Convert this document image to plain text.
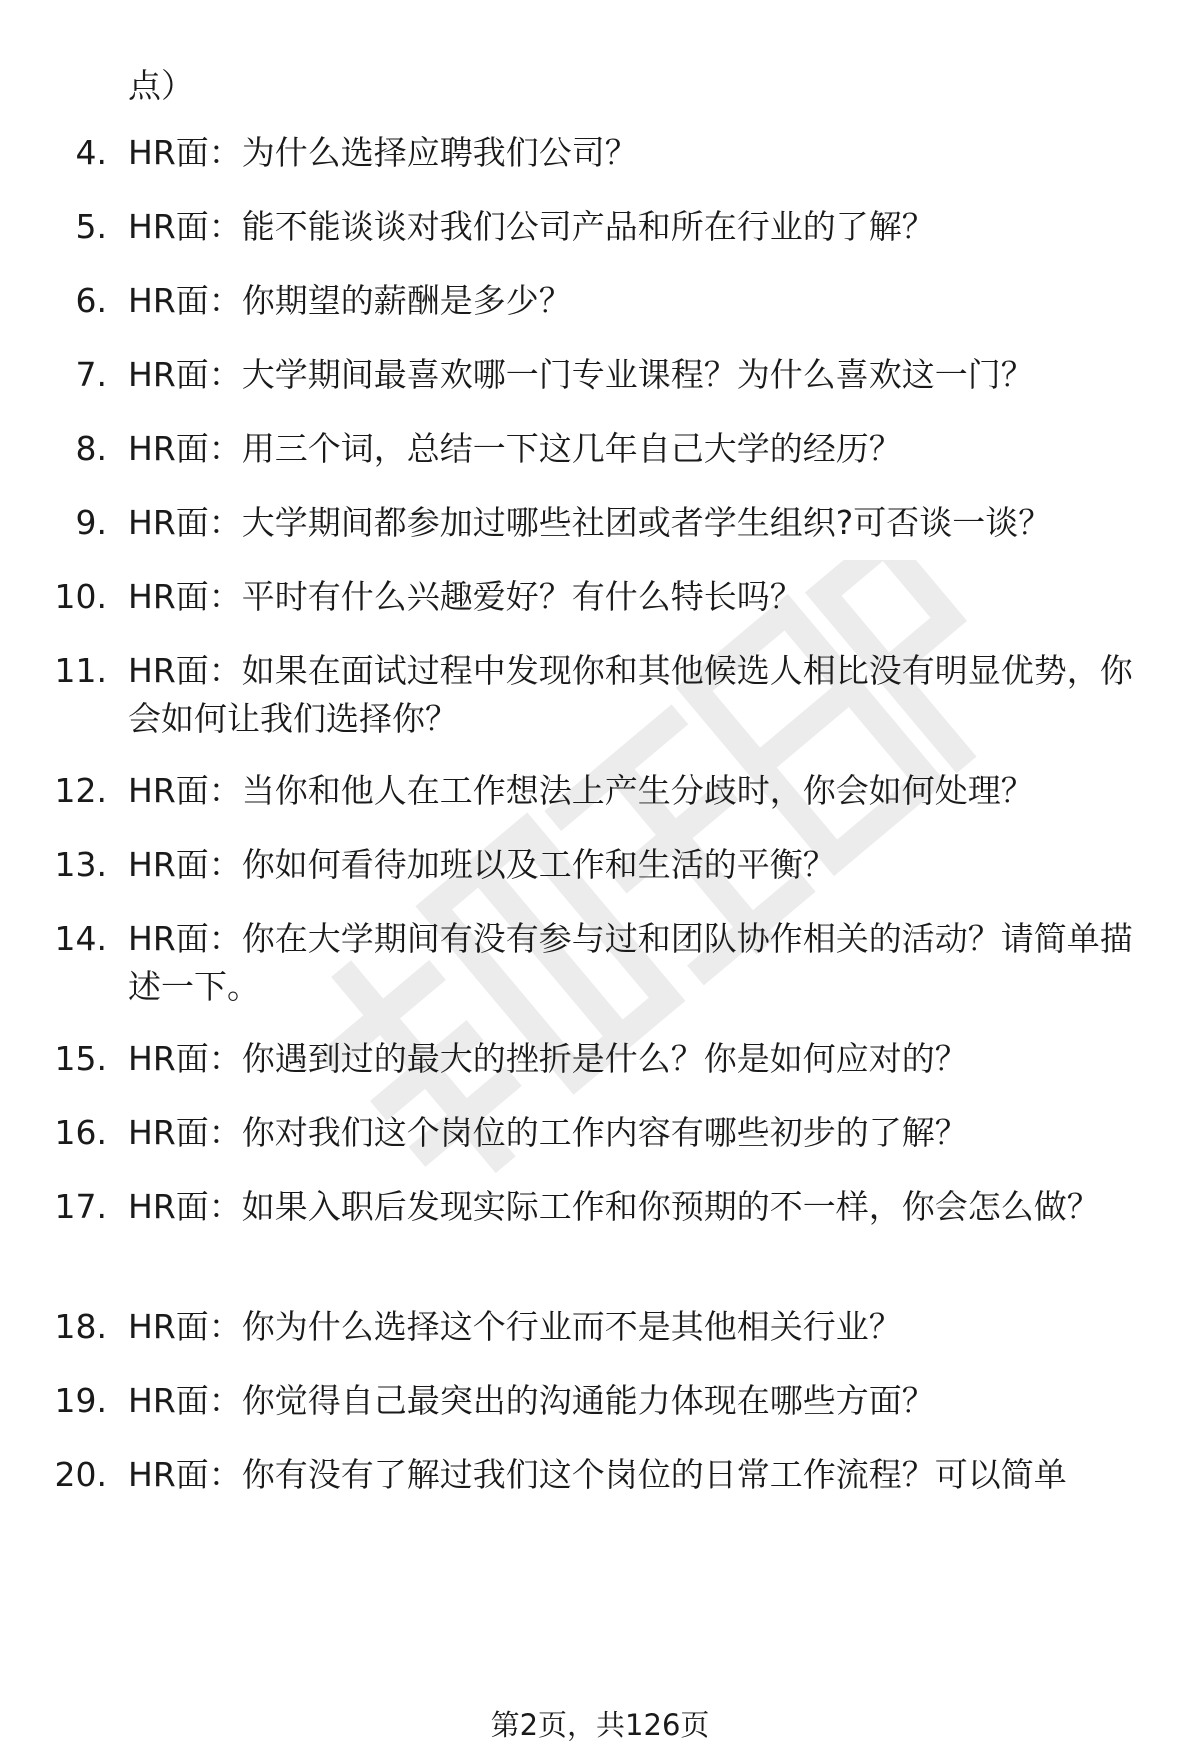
点）
4. HR面：为什么选择应聘我们公司？
5. HR面：能不能谈谈对我们公司产品和所在行业的了解？
6. HR面：你期望的薪酬是多少？
7. HR面：大学期间最喜欢哪一门专业课程？为什么喜欢这一门？
8. HR面：用三个词，总结一下这几年自己大学的经历？
9. HR面：大学期间都参加过哪些社团或者学生组织?可否谈一谈？
10. HR面：平时有什么兴趣爱好？有什么特长吗？
11. HR面：如果在面试过程中发现你和其他候选人相比没有明显优势，你会如何让我们选择你？
12. HR面：当你和他人在工作想法上产生分歧时，你会如何处理？
13. HR面：你如何看待加班以及工作和生活的平衡？
14. HR面：你在大学期间有没有参与过和团队协作相关的活动？请简单描述一下。
15. HR面：你遇到过的最大的挫折是什么？你是如何应对的？
16. HR面：你对我们这个岗位的工作内容有哪些初步的了解？
17. HR面：如果入职后发现实际工作和你预期的不一样，你会怎么做？
18. HR面：你为什么选择这个行业而不是其他相关行业？
19. HR面：你觉得自己最突出的沟通能力体现在哪些方面？
20. HR面：你有没有了解过我们这个岗位的日常工作流程？可以简单
第2页，共126页
